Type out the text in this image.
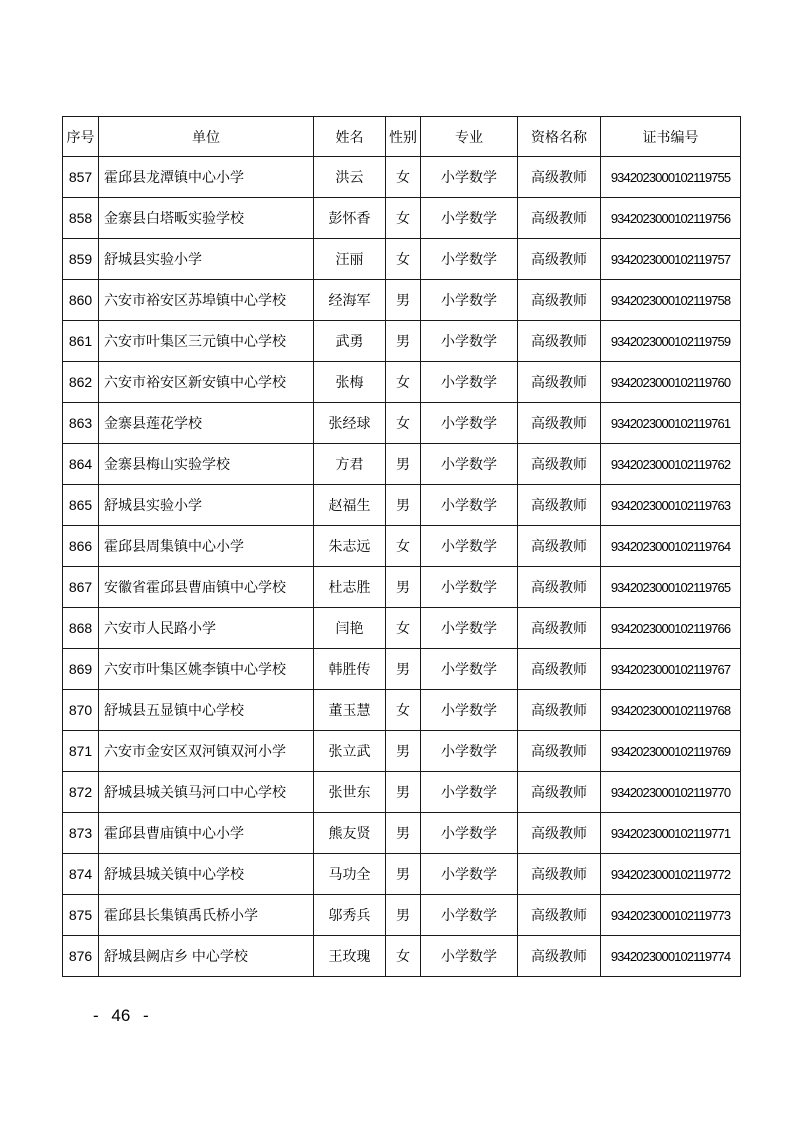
序号	单位	姓名	性别	专业	资格名称	证书编号
857	霍邱县龙潭镇中心小学	洪云	女	小学数学	高级教师	9342023000102119755
858	金寨县白塔畈实验学校	彭怀香	女	小学数学	高级教师	9342023000102119756
859	舒城县实验小学	汪丽	女	小学数学	高级教师	9342023000102119757
860	六安市裕安区苏埠镇中心学校	经海军	男	小学数学	高级教师	9342023000102119758
861	六安市叶集区三元镇中心学校	武勇	男	小学数学	高级教师	9342023000102119759
862	六安市裕安区新安镇中心学校	张梅	女	小学数学	高级教师	9342023000102119760
863	金寨县莲花学校	张经球	女	小学数学	高级教师	9342023000102119761
864	金寨县梅山实验学校	方君	男	小学数学	高级教师	9342023000102119762
865	舒城县实验小学	赵福生	男	小学数学	高级教师	9342023000102119763
866	霍邱县周集镇中心小学	朱志远	女	小学数学	高级教师	9342023000102119764
867	安徽省霍邱县曹庙镇中心学校	杜志胜	男	小学数学	高级教师	9342023000102119765
868	六安市人民路小学	闫艳	女	小学数学	高级教师	9342023000102119766
869	六安市叶集区姚李镇中心学校	韩胜传	男	小学数学	高级教师	9342023000102119767
870	舒城县五显镇中心学校	董玉慧	女	小学数学	高级教师	9342023000102119768
871	六安市金安区双河镇双河小学	张立武	男	小学数学	高级教师	9342023000102119769
872	舒城县城关镇马河口中心学校	张世东	男	小学数学	高级教师	9342023000102119770
873	霍邱县曹庙镇中心小学	熊友贤	男	小学数学	高级教师	9342023000102119771
874	舒城县城关镇中心学校	马功全	男	小学数学	高级教师	9342023000102119772
875	霍邱县长集镇禹氏桥小学	邬秀兵	男	小学数学	高级教师	9342023000102119773
876	舒城县阙店乡 中心学校	王玫瑰	女	小学数学	高级教师	9342023000102119774
- 46 -
